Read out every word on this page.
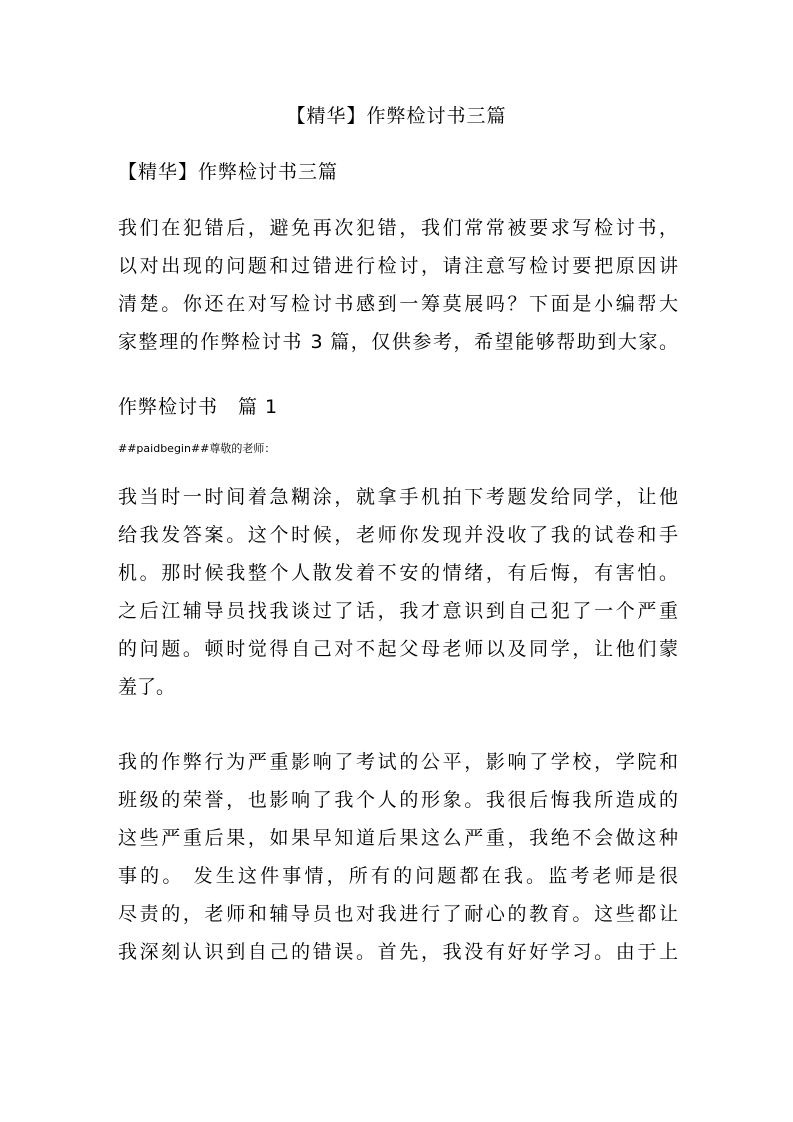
【精华】作弊检讨书三篇
【精华】作弊检讨书三篇
我们在犯错后，避免再次犯错，我们常常被要求写检讨书，
以对出现的问题和过错进行检讨，请注意写检讨要把原因讲
清楚。你还在对写检讨书感到一筹莫展吗？下面是小编帮大
家整理的作弊检讨书 3 篇，仅供参考，希望能够帮助到大家。
作弊检讨书　篇 1
##paidbegin##尊敬的老师：
我当时一时间着急糊涂，就拿手机拍下考题发给同学，让他
给我发答案。这个时候，老师你发现并没收了我的试卷和手
机。那时候我整个人散发着不安的情绪，有后悔，有害怕。
之后江辅导员找我谈过了话，我才意识到自己犯了一个严重
的问题。顿时觉得自己对不起父母老师以及同学，让他们蒙
羞了。
我的作弊行为严重影响了考试的公平，影响了学校，学院和
班级的荣誉，也影响了我个人的形象。我很后悔我所造成的
这些严重后果，如果早知道后果这么严重，我绝不会做这种
事的。 发生这件事情，所有的问题都在我。监考老师是很
尽责的，老师和辅导员也对我进行了耐心的教育。这些都让
我深刻认识到自己的错误。首先，我没有好好学习。由于上
